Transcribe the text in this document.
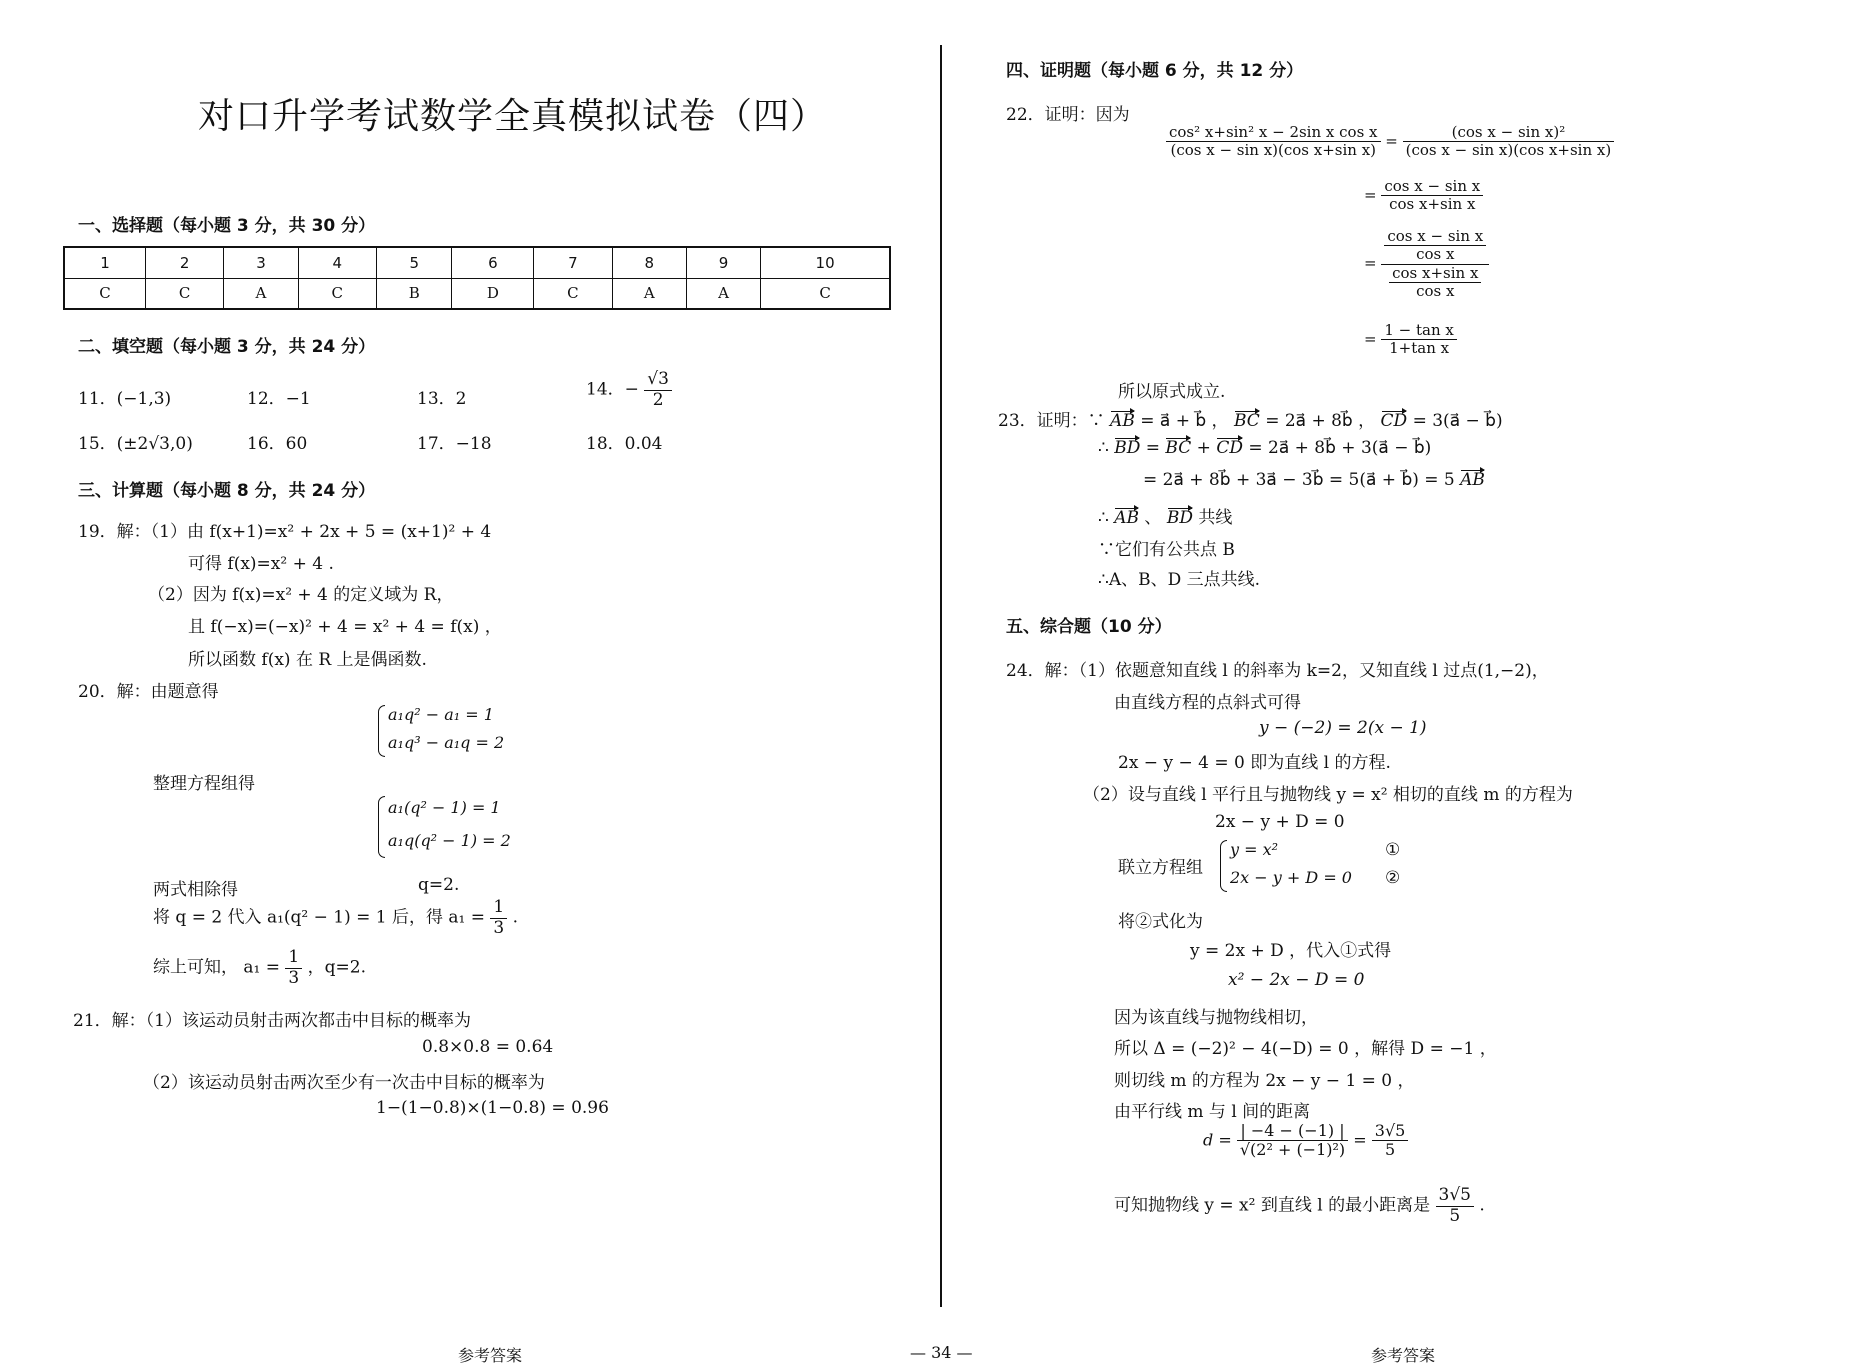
对口升学考试数学全真模拟试卷（四）
一、选择题（每小题 3 分，共 30 分）
1	2	3	4	5	6	7	8	9	10
C	C	A	C	B	D	C	A	A	C
二、填空题（每小题 3 分，共 24 分）
11．(−1,3)	12．−1	13．2	14．− $\frac{√3}{2}$
15．(±2√3,0)	16．60	17．−18	18．0.04
三、计算题（每小题 8 分，共 24 分）
19．解：（1）由 f(x+1)=x² + 2x + 5 = (x+1)² + 4
可得 f(x)=x² + 4 .
（2）因为 f(x)=x² + 4 的定义域为 R，
且 f(−x)=(−x)² + 4 = x² + 4 = f(x) ，
所以函数 f(x) 在 R 上是偶函数.
20．解：由题意得
a₁q² − a₁ = 1
a₁q³ − a₁q = 2
整理方程组得
a₁(q² − 1) = 1
a₁q(q² − 1) = 2
两式相除得	q=2.
将 q = 2 代入 a₁(q² − 1) = 1 后，得 $a_1 = \frac{1}{3}$ .
综上可知， $a_1 = \frac{1}{3}$ ，q=2.
21．解：（1）该运动员射击两次都击中目标的概率为
0.8×0.8 = 0.64
（2）该运动员射击两次至少有一次击中目标的概率为
1−(1−0.8)×(1−0.8) = 0.96
四、证明题（每小题 6 分，共 12 分）
22．证明：因为
$\frac{\text{cos² x+sin² x − 2sin x cos x}}{\text{(cos x − sin x)(cos x+sin x)}} = \frac{\text{(cos x − sin x)²}}{\text{(cos x − sin x)(cos x+sin x)}}$
= $\frac{\text{cos x − sin x}}{\text{cos x+sin x}}$
= $\frac{\frac{\text{cos x − sin x}}{\text{cos x}}}{\frac{\text{cos x+sin x}}{\text{cos x}}}$
= $\frac{\text{1 − tan x}}{\text{1+tan x}}$
所以原式成立.
23．证明：∵ AB = a⃗ + b⃗ ， BC = 2a⃗ + 8b⃗ ， CD = 3(a⃗ − b⃗)
∴ BD = BC + CD = 2a⃗ + 8b⃗ + 3(a⃗ − b⃗)
= 2a⃗ + 8b⃗ + 3a⃗ − 3b⃗ = 5(a⃗ + b⃗) = 5 AB
∴ AB 、 BD 共线
∵它们有公共点 B
∴A、B、D 三点共线.
五、综合题（10 分）
24．解：（1）依题意知直线 l 的斜率为 k=2，又知直线 l 过点(1,−2)，
由直线方程的点斜式可得
y − (−2) = 2(x − 1)
2x − y − 4 = 0 即为直线 l 的方程.
（2）设与直线 l 平行且与抛物线 y = x² 相切的直线 m 的方程为
2x − y + D = 0
联立方程组
y = x²
2x − y + D = 0
①
②
将②式化为
y = 2x + D ，代入①式得
x² − 2x − D = 0
因为该直线与抛物线相切，
所以 Δ = (−2)² − 4(−D) = 0 ，解得 D = −1 ，
则切线 m 的方程为 2x − y − 1 = 0 ，
由平行线 m 与 l 间的距离
$d = \frac{| -4 - (-1) |}{\text{√(2² + (−1)²)}} = \frac{3√5}{5}$
可知抛物线 y = x² 到直线 l 的最小距离是 $\frac{3√5}{5}$ .
参考答案	— 34 —	参考答案
